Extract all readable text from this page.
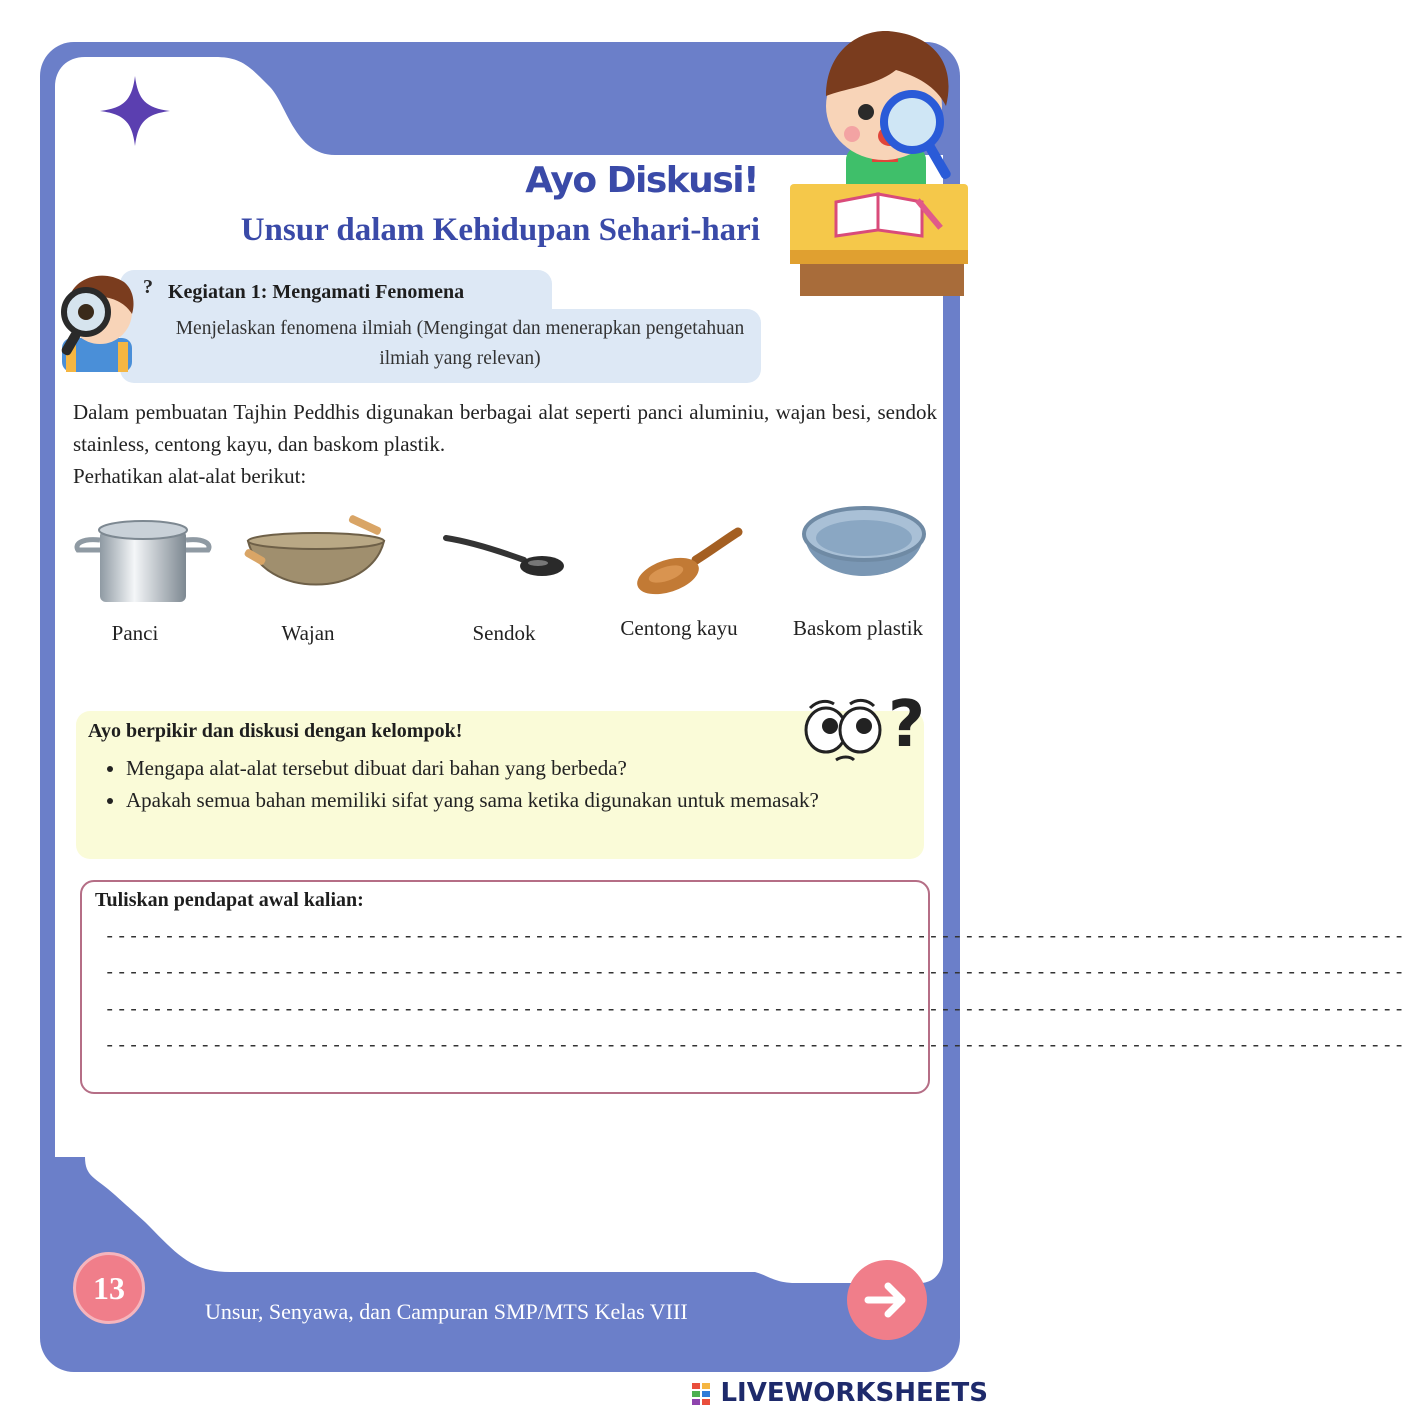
Ayo Diskusi!
Unsur dalam Kehidupan Sehari-hari
? Kegiatan 1: Mengamati Fenomena
Menjelaskan fenomena ilmiah (Mengingat dan menerapkan pengetahuan ilmiah yang relevan)

Dalam pembuatan Tajhin Peddhis digunakan berbagai alat seperti panci aluminiu, wajan besi, sendok stainless, centong kayu, dan baskom plastik.

Perhatikan alat-alat berikut:

Panci	Wajan	Sendok	Centong kayu	Baskom plastik
?
Ayo berpikir dan diskusi dengan kelompok!
• Mengapa alat-alat tersebut dibuat dari bahan yang berbeda?
• Apakah semua bahan memiliki sifat yang sama ketika digunakan untuk memasak?
Tuliskan pendapat awal kalian:
-------------------------------------------------------------------------------------------------------------
-------------------------------------------------------------------------------------------------------------
-------------------------------------------------------------------------------------------------------------
-------------------------------------------------------------------------------------------------------------
13
Unsur, Senyawa, dan Campuran SMP/MTS Kelas VIII
LIVEWORKSHEETS
